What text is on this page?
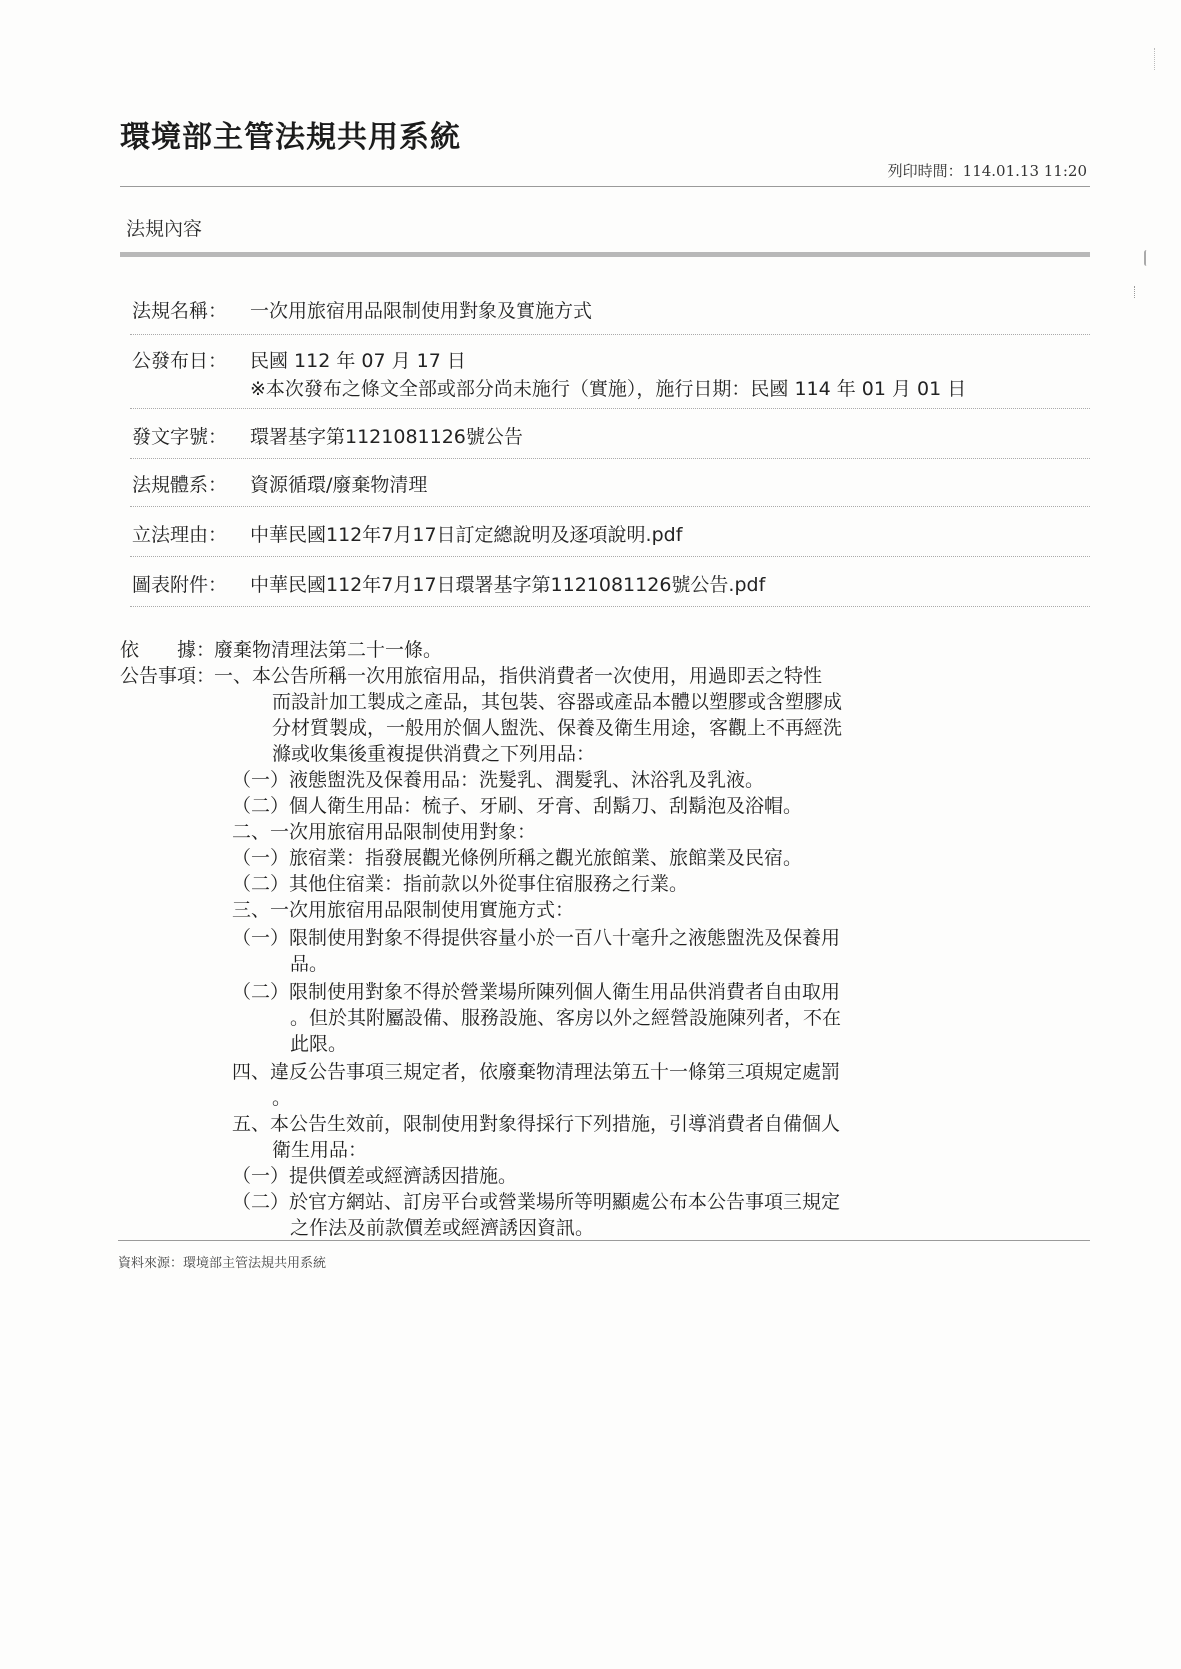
環境部主管法規共用系統
列印時間：114.01.13 11:20
法規內容
法規名稱： 一次用旅宿用品限制使用對象及實施方式
公發布日： 民國 112 年 07 月 17 日
※本次發布之條文全部或部分尚未施行（實施），施行日期：民國 114 年 01 月 01 日
發文字號： 環署基字第1121081126號公告
法規體系： 資源循環/廢棄物清理
立法理由： 中華民國112年7月17日訂定總說明及逐項說明.pdf
圖表附件： 中華民國112年7月17日環署基字第1121081126號公告.pdf
依　　據：
廢棄物清理法第二十一條。
公告事項：
一、本公告所稱一次用旅宿用品，指供消費者一次使用，用過即丟之特性
而設計加工製成之產品，其包裝、容器或產品本體以塑膠或含塑膠成
分材質製成，一般用於個人盥洗、保養及衛生用途，客觀上不再經洗
滌或收集後重複提供消費之下列用品：
（一）液態盥洗及保養用品：洗髮乳、潤髮乳、沐浴乳及乳液。
（二）個人衛生用品：梳子、牙刷、牙膏、刮鬍刀、刮鬍泡及浴帽。
二、一次用旅宿用品限制使用對象：
（一）旅宿業：指發展觀光條例所稱之觀光旅館業、旅館業及民宿。
（二）其他住宿業：指前款以外從事住宿服務之行業。
三、一次用旅宿用品限制使用實施方式：
（一）限制使用對象不得提供容量小於一百八十毫升之液態盥洗及保養用
品。
（二）限制使用對象不得於營業場所陳列個人衛生用品供消費者自由取用
。但於其附屬設備、服務設施、客房以外之經營設施陳列者，不在
此限。
四、違反公告事項三規定者，依廢棄物清理法第五十一條第三項規定處罰
。
五、本公告生效前，限制使用對象得採行下列措施，引導消費者自備個人
衛生用品：
（一）提供價差或經濟誘因措施。
（二）於官方網站、訂房平台或營業場所等明顯處公布本公告事項三規定
之作法及前款價差或經濟誘因資訊。
資料來源：環境部主管法規共用系統
